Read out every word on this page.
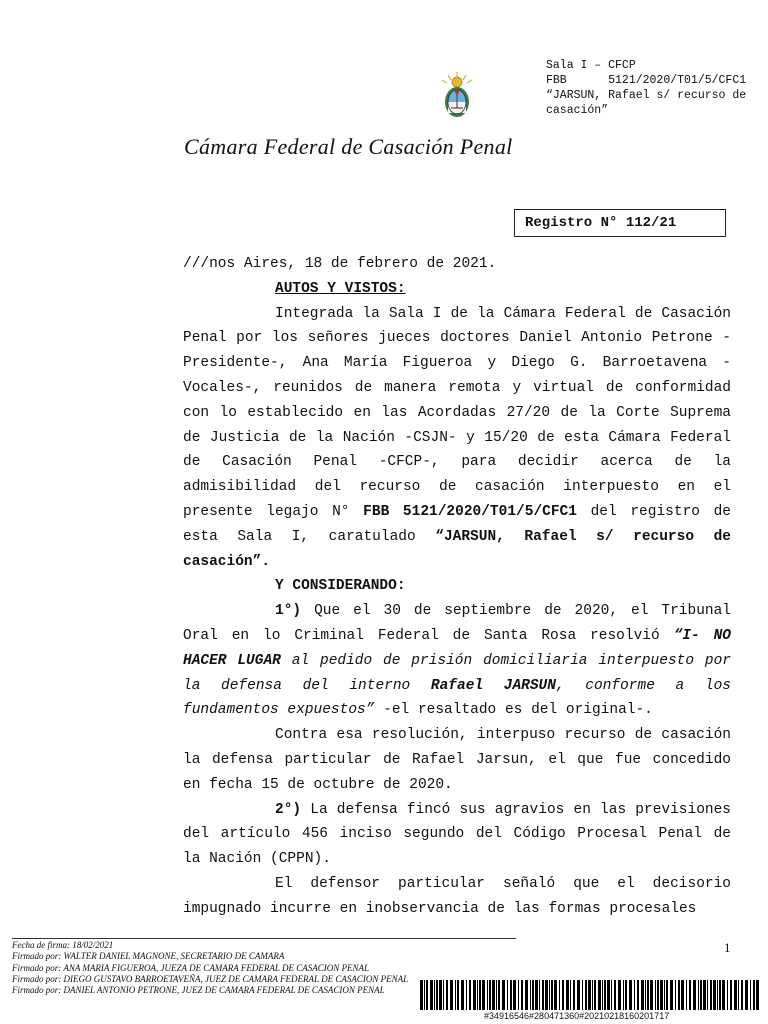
Sala I – CFCP
FBB      5121/2020/T01/5/CFC1
“JARSUN, Rafael s/ recurso de
casación”
Cámara Federal de Casación Penal
Registro N° 112/21

///nos Aires, 18 de febrero de 2021.

AUTOS Y VISTOS:

Integrada la Sala I de la Cámara Federal de Casación Penal por los señores jueces doctores Daniel Antonio Petrone -Presidente-, Ana María Figueroa y Diego G. Barroetavena -Vocales-, reunidos de manera remota y virtual de conformidad con lo establecido en las Acordadas 27/20 de la Corte Suprema de Justicia de la Nación -CSJN- y 15/20 de esta Cámara Federal de Casación Penal -CFCP-, para decidir acerca de la admisibilidad del recurso de casación interpuesto en el presente legajo N° FBB 5121/2020/T01/5/CFC1 del registro de esta Sala I, caratulado “JARSUN, Rafael s/ recurso de casación”.

Y CONSIDERANDO:

1°) Que el 30 de septiembre de 2020, el Tribunal Oral en lo Criminal Federal de Santa Rosa resolvió “I- NO HACER LUGAR al pedido de prisión domiciliaria interpuesto por la defensa del interno Rafael JARSUN, conforme a los fundamentos expuestos” -el resaltado es del original-.

Contra esa resolución, interpuso recurso de casación la defensa particular de Rafael Jarsun, el que fue concedido en fecha 15 de octubre de 2020.

2°) La defensa fincó sus agravios en las previsiones del artículo 456 inciso segundo del Código Procesal Penal de la Nación (CPPN).

El defensor particular señaló que el decisorio impugnado incurre en inobservancia de las formas procesales

Fecha de firma: 18/02/2021
Firmado por: WALTER DANIEL MAGNONE, SECRETARIO DE CAMARA
Firmado por: ANA MARIA FIGUEROA, JUEZA DE CAMARA FEDERAL DE CASACION PENAL
Firmado por: DIEGO GUSTAVO BARROETAVEÑA, JUEZ DE CAMARA FEDERAL DE CASACION PENAL
Firmado por: DANIEL ANTONIO PETRONE, JUEZ DE CAMARA FEDERAL DE CASACION PENAL
1
#34916546#280471360#20210218160201717
